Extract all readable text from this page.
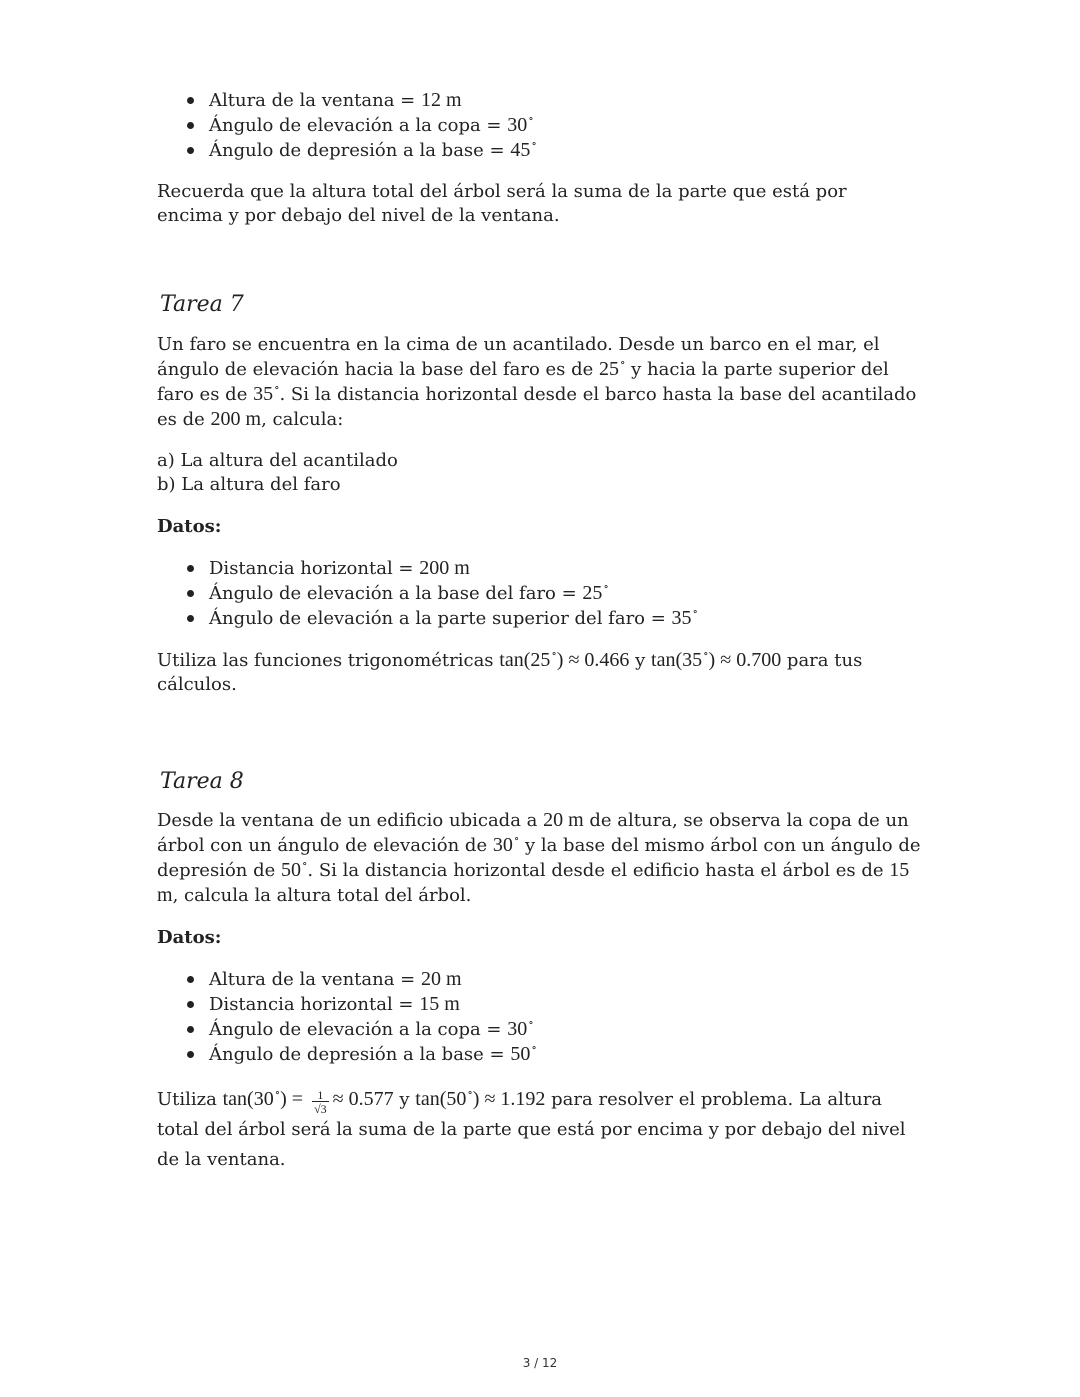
Altura de la ventana = 12 m
Ángulo de elevación a la copa = 30∘
Ángulo de depresión a la base = 45∘

Recuerda que la altura total del árbol será la suma de la parte que está por encima y por debajo del nivel de la ventana.

Tarea 7

Un faro se encuentra en la cima de un acantilado. Desde un barco en el mar, el ángulo de elevación hacia la base del faro es de 25∘ y hacia la parte superior del faro es de 35∘. Si la distancia horizontal desde el barco hasta la base del acantilado es de 200 m, calcula:

a) La altura del acantilado

b) La altura del faro

Datos:

Distancia horizontal = 200 m
Ángulo de elevación a la base del faro = 25∘
Ángulo de elevación a la parte superior del faro = 35∘

Utiliza las funciones trigonométricas tan(25∘) ≈ 0.466 y tan(35∘) ≈ 0.700 para tus cálculos.

Tarea 8

Desde la ventana de un edificio ubicada a 20 m de altura, se observa la copa de un árbol con un ángulo de elevación de 30∘ y la base del mismo árbol con un ángulo de depresión de 50∘. Si la distancia horizontal desde el edificio hasta el árbol es de 15 m, calcula la altura total del árbol.

Datos:

Altura de la ventana = 20 m
Distancia horizontal = 15 m
Ángulo de elevación a la copa = 30∘
Ángulo de depresión a la base = 50∘

Utiliza $\tan(30^\circ) = \frac{1}{√3} \approx 0.577$ y tan(50∘) ≈ 1.192 para resolver el problema. La altura total del árbol será la suma de la parte que está por encima y por debajo del nivel de la ventana.

3 / 12
